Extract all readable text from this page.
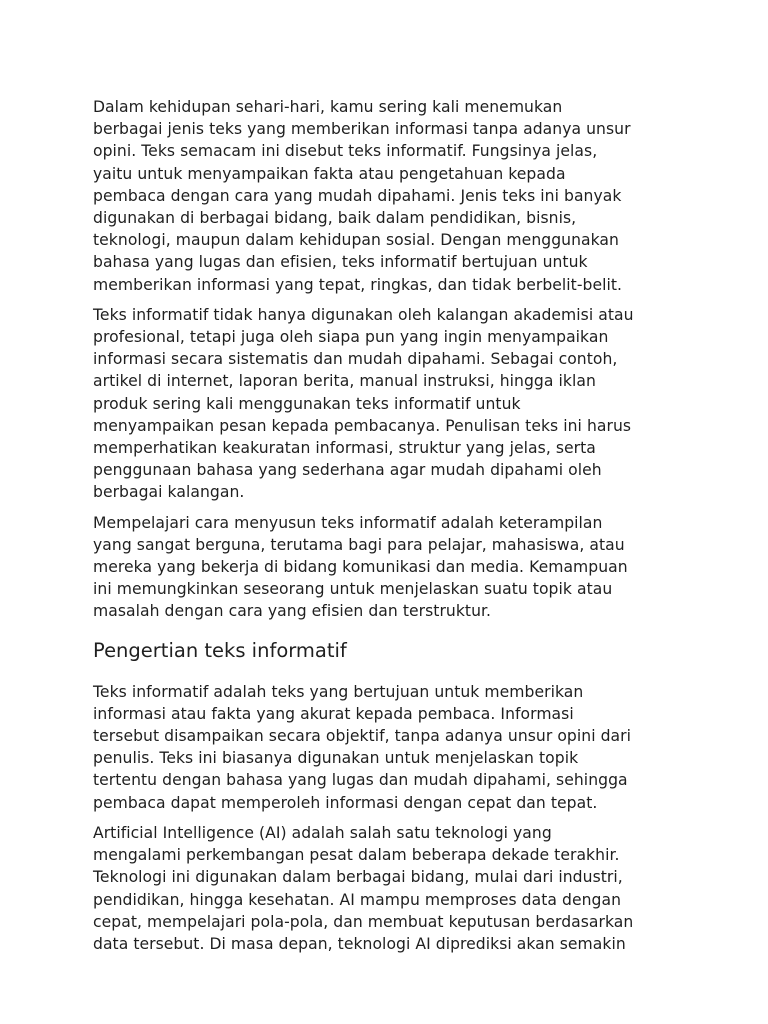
Dalam kehidupan sehari-hari, kamu sering kali menemukan
berbagai jenis teks yang memberikan informasi tanpa adanya unsur
opini. Teks semacam ini disebut teks informatif. Fungsinya jelas,
yaitu untuk menyampaikan fakta atau pengetahuan kepada
pembaca dengan cara yang mudah dipahami. Jenis teks ini banyak
digunakan di berbagai bidang, baik dalam pendidikan, bisnis,
teknologi, maupun dalam kehidupan sosial. Dengan menggunakan
bahasa yang lugas dan efisien, teks informatif bertujuan untuk
memberikan informasi yang tepat, ringkas, dan tidak berbelit-belit.

Teks informatif tidak hanya digunakan oleh kalangan akademisi atau
profesional, tetapi juga oleh siapa pun yang ingin menyampaikan
informasi secara sistematis dan mudah dipahami. Sebagai contoh,
artikel di internet, laporan berita, manual instruksi, hingga iklan
produk sering kali menggunakan teks informatif untuk
menyampaikan pesan kepada pembacanya. Penulisan teks ini harus
memperhatikan keakuratan informasi, struktur yang jelas, serta
penggunaan bahasa yang sederhana agar mudah dipahami oleh
berbagai kalangan.

Mempelajari cara menyusun teks informatif adalah keterampilan
yang sangat berguna, terutama bagi para pelajar, mahasiswa, atau
mereka yang bekerja di bidang komunikasi dan media. Kemampuan
ini memungkinkan seseorang untuk menjelaskan suatu topik atau
masalah dengan cara yang efisien dan terstruktur.

Pengertian teks informatif

Teks informatif adalah teks yang bertujuan untuk memberikan
informasi atau fakta yang akurat kepada pembaca. Informasi
tersebut disampaikan secara objektif, tanpa adanya unsur opini dari
penulis. Teks ini biasanya digunakan untuk menjelaskan topik
tertentu dengan bahasa yang lugas dan mudah dipahami, sehingga
pembaca dapat memperoleh informasi dengan cepat dan tepat.

Artificial Intelligence (AI) adalah salah satu teknologi yang
mengalami perkembangan pesat dalam beberapa dekade terakhir.
Teknologi ini digunakan dalam berbagai bidang, mulai dari industri,
pendidikan, hingga kesehatan. AI mampu memproses data dengan
cepat, mempelajari pola-pola, dan membuat keputusan berdasarkan
data tersebut. Di masa depan, teknologi AI diprediksi akan semakin
